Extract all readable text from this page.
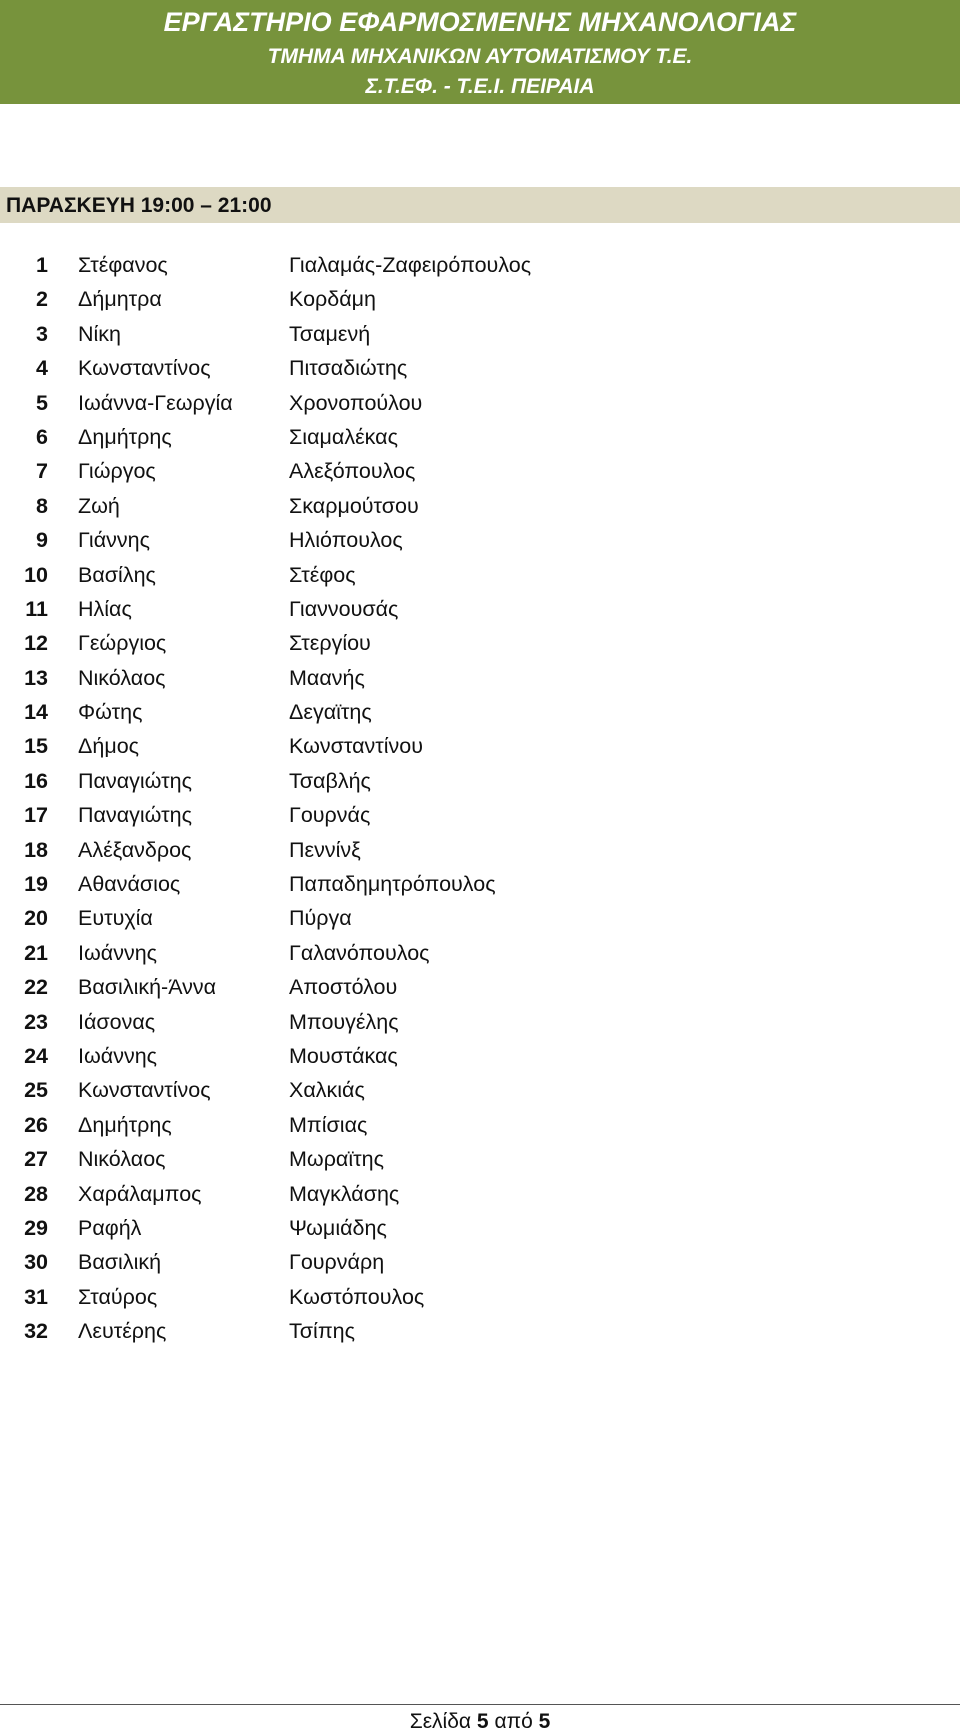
ΕΡΓΑΣΤΗΡΙΟ ΕΦΑΡΜΟΣΜΕΝΗΣ ΜΗΧΑΝΟΛΟΓΙΑΣ
ΤΜΗΜΑ ΜΗΧΑΝΙΚΩΝ ΑΥΤΟΜΑΤΙΣΜΟΥ Τ.Ε.
Σ.Τ.ΕΦ. - Τ.Ε.Ι. ΠΕΙΡΑΙΑ
ΠΑΡΑΣΚΕΥΗ 19:00 – 21:00
1 Στέφανος	Γιαλαμάς-Ζαφειρόπουλος
2 Δήμητρα	Κορδάμη
3 Νίκη	Τσαμενή
4 Κωνσταντίνος	Πιτσαδιώτης
5 Ιωάννα-Γεωργία	Χρονοπούλου
6 Δημήτρης	Σιαμαλέκας
7 Γιώργος	Αλεξόπουλος
8 Ζωή	Σκαρμούτσου
9 Γιάννης	Ηλιόπουλος
10 Βασίλης	Στέφος
11 Ηλίας	Γιαννουσάς
12 Γεώργιος	Στεργίου
13 Νικόλαος	Μαανής
14 Φώτης	Δεγαϊτης
15 Δήμος	Κωνσταντίνου
16 Παναγιώτης	Τσαβλής
17 Παναγιώτης	Γουρνάς
18 Αλέξανδρος	Πεννίνξ
19 Αθανάσιος	Παπαδημητρόπουλος
20 Ευτυχία	Πύργα
21 Ιωάννης	Γαλανόπουλος
22 Βασιλική-Άννα	Αποστόλου
23 Ιάσονας	Μπουγέλης
24 Ιωάννης	Μουστάκας
25 Κωνσταντίνος	Χαλκιάς
26 Δημήτρης	Μπίσιας
27 Νικόλαος	Μωραϊτης
28 Χαράλαμπος	Μαγκλάσης
29 Ραφήλ	Ψωμιάδης
30 Βασιλική	Γουρνάρη
31 Σταύρος	Κωστόπουλος
32 Λευτέρης	Τσίπης
Σελίδα 5 από 5
